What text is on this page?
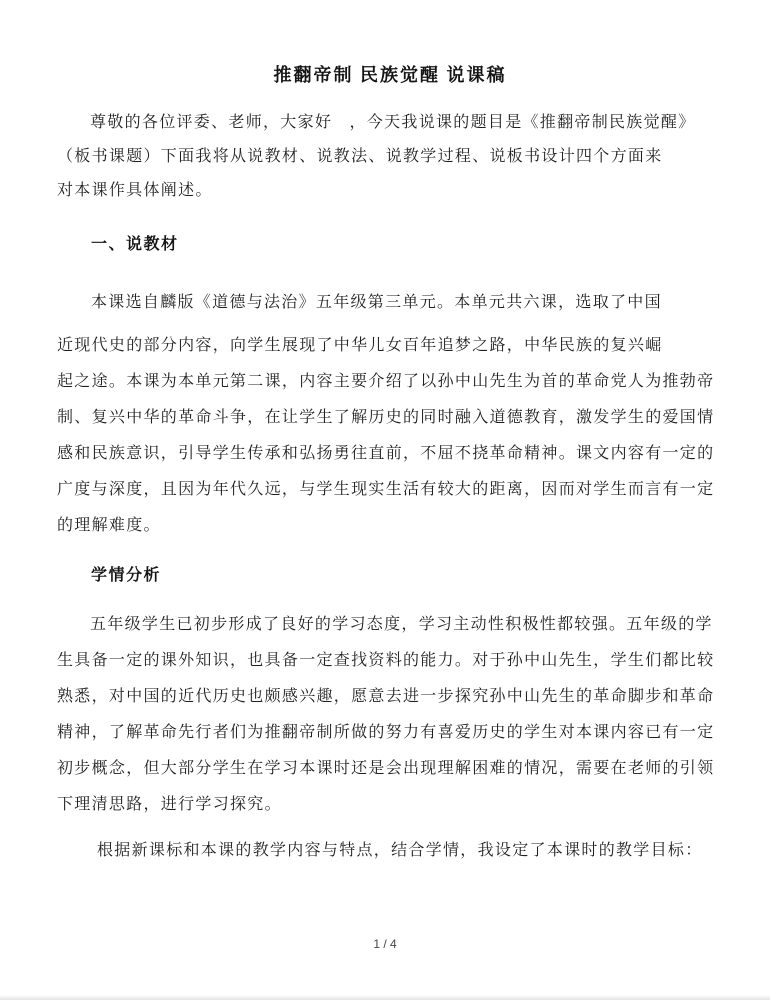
推翻帝制 民族觉醒 说课稿
尊敬的各位评委、老师，大家好　，今天我说课的题目是《推翻帝制民族觉醒》
（板书课题）下面我将从说教材、说教法、说教学过程、说板书设计四个方面来
对本课作具体阐述。
一、说教材
本课选自麟版《道德与法治》五年级第三单元。本单元共六课，选取了中国
近现代史的部分内容，向学生展现了中华儿女百年追梦之路，中华民族的复兴崛
起之途。本课为本单元第二课，内容主要介绍了以孙中山先生为首的革命党人为推勃帝
制、复兴中华的革命斗争，在让学生了解历史的同时融入道德教育，激发学生的爱国情
感和民族意识，引导学生传承和弘扬勇往直前，不屈不挠革命精神。课文内容有一定的
广度与深度，且因为年代久远，与学生现实生活有较大的距离，因而对学生而言有一定
的理解难度。
学情分析
五年级学生已初步形成了良好的学习态度，学习主动性积极性都较强。五年级的学
生具备一定的课外知识，也具备一定查找资料的能力。对于孙中山先生，学生们都比较
熟悉，对中国的近代历史也颇感兴趣，愿意去进一步探究孙中山先生的革命脚步和革命
精神，了解革命先行者们为推翻帝制所做的努力有喜爱历史的学生对本课内容已有一定
初步概念，但大部分学生在学习本课时还是会出现理解困难的情况，需要在老师的引领
下理清思路，进行学习探究。
根据新课标和本课的教学内容与特点，结合学情，我设定了本课时的教学目标：
1 / 4
